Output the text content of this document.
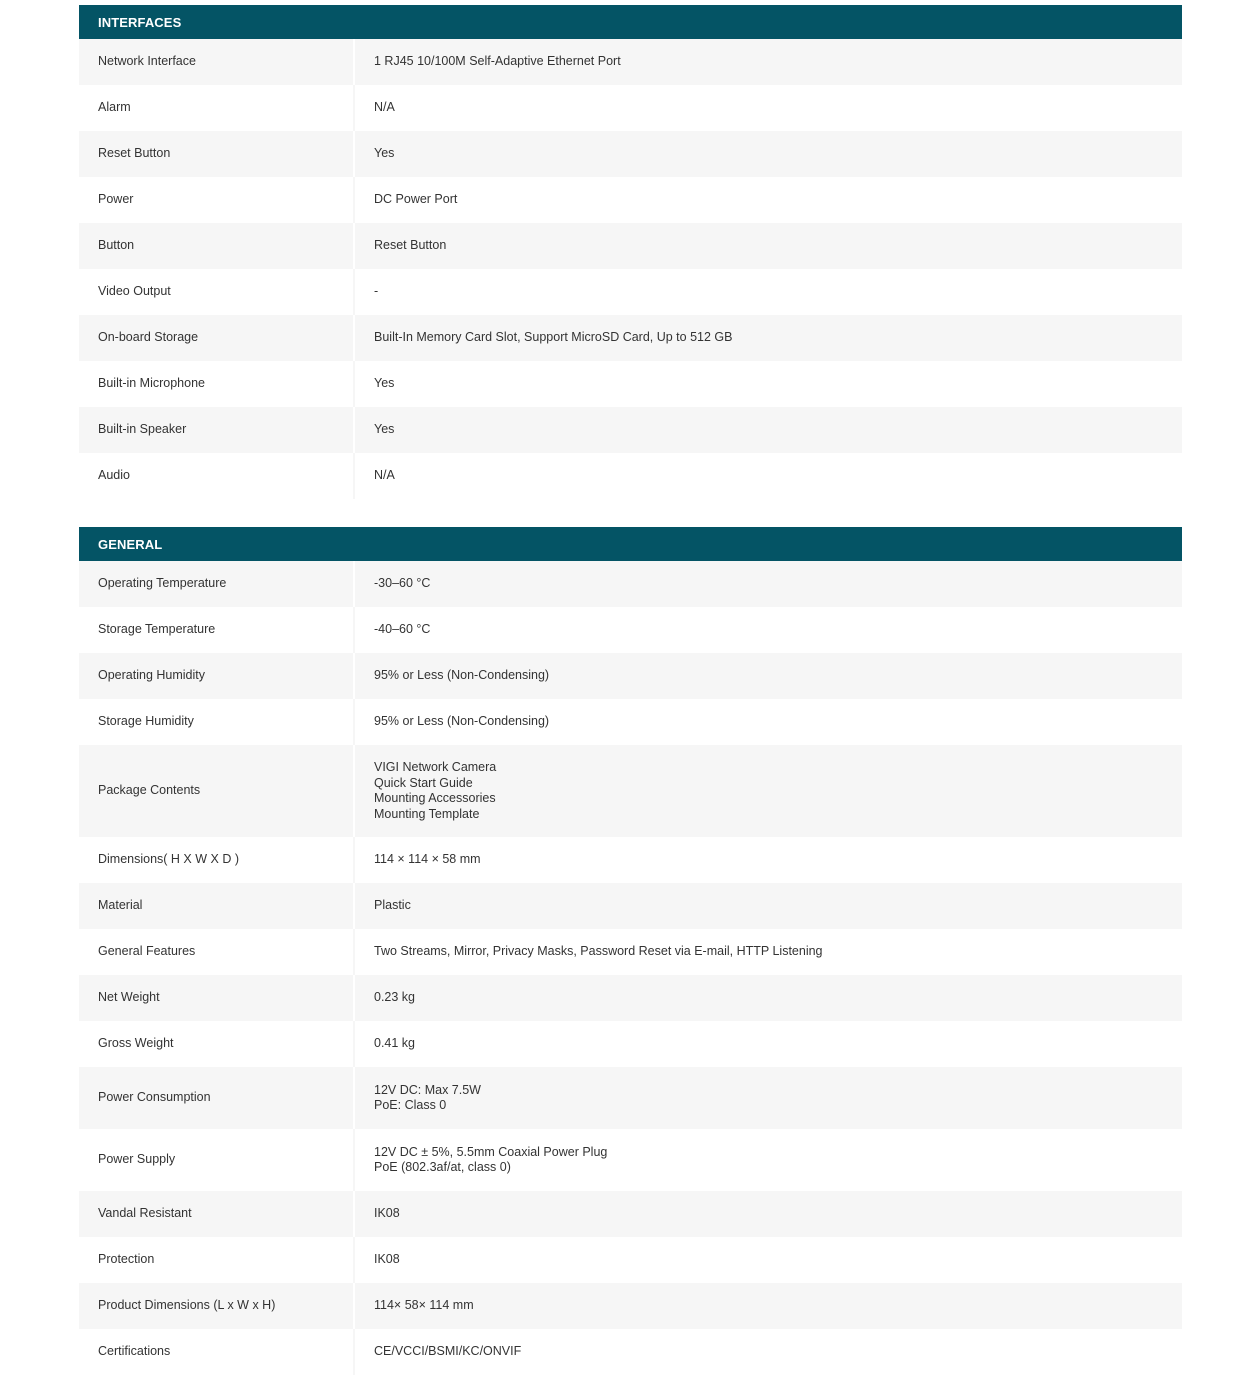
INTERFACES
Network Interface	1 RJ45 10/100M Self-Adaptive Ethernet Port
Alarm	N/A
Reset Button	Yes
Power	DC Power Port
Button	Reset Button
Video Output	-
On-board Storage	Built-In Memory Card Slot, Support MicroSD Card, Up to 512 GB
Built-in Microphone	Yes
Built-in Speaker	Yes
Audio	N/A
GENERAL
Operating Temperature	-30–60 °C
Storage Temperature	-40–60 °C
Operating Humidity	95% or Less (Non-Condensing)
Storage Humidity	95% or Less (Non-Condensing)
Package Contents	VIGI Network Camera
Quick Start Guide
Mounting Accessories
Mounting Template
Dimensions( H X W X D )	114 × 114 × 58 mm
Material	Plastic
General Features	Two Streams, Mirror, Privacy Masks, Password Reset via E-mail, HTTP Listening
Net Weight	0.23 kg
Gross Weight	0.41 kg
Power Consumption	12V DC: Max 7.5W
PoE: Class 0
Power Supply	12V DC ± 5%, 5.5mm Coaxial Power Plug
PoE (802.3af/at, class 0)
Vandal Resistant	IK08
Protection	IK08
Product Dimensions (L x W x H)	114× 58× 114 mm
Certifications	CE/VCCI/BSMI/KC/ONVIF
